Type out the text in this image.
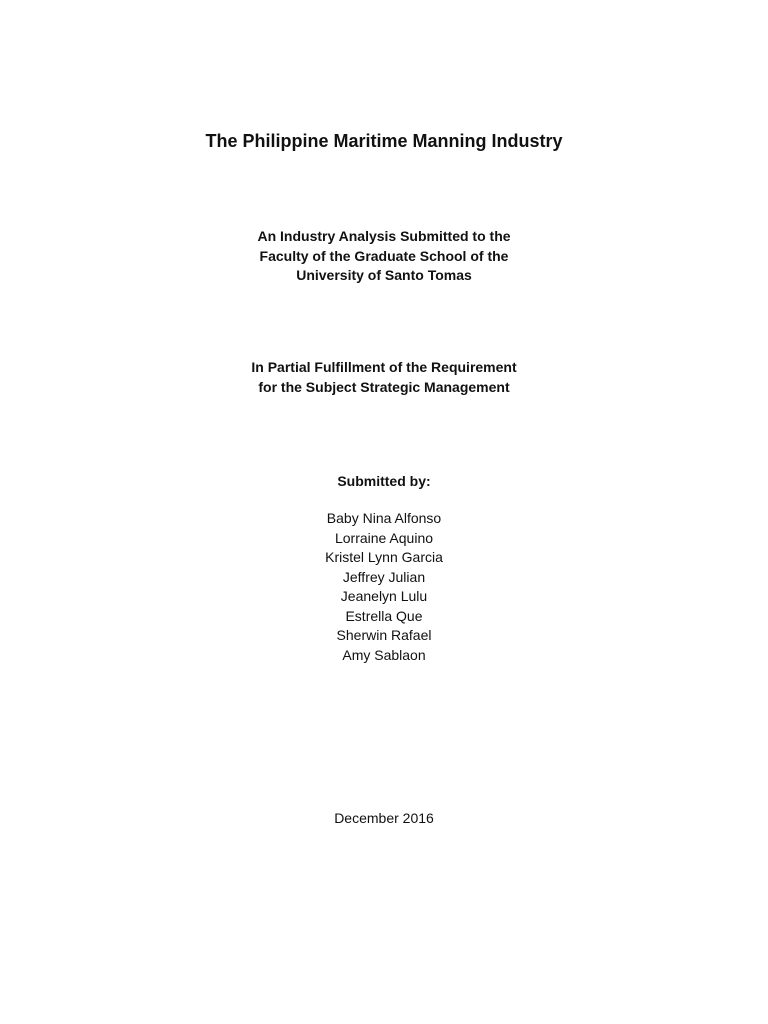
The Philippine Maritime Manning Industry
An Industry Analysis Submitted to the
Faculty of the Graduate School of the
University of Santo Tomas
In Partial Fulfillment of the Requirement
for the Subject Strategic Management
Submitted by:
Baby Nina Alfonso
Lorraine Aquino
Kristel Lynn Garcia
Jeffrey Julian
Jeanelyn Lulu
Estrella Que
Sherwin Rafael
Amy Sablaon
December 2016
